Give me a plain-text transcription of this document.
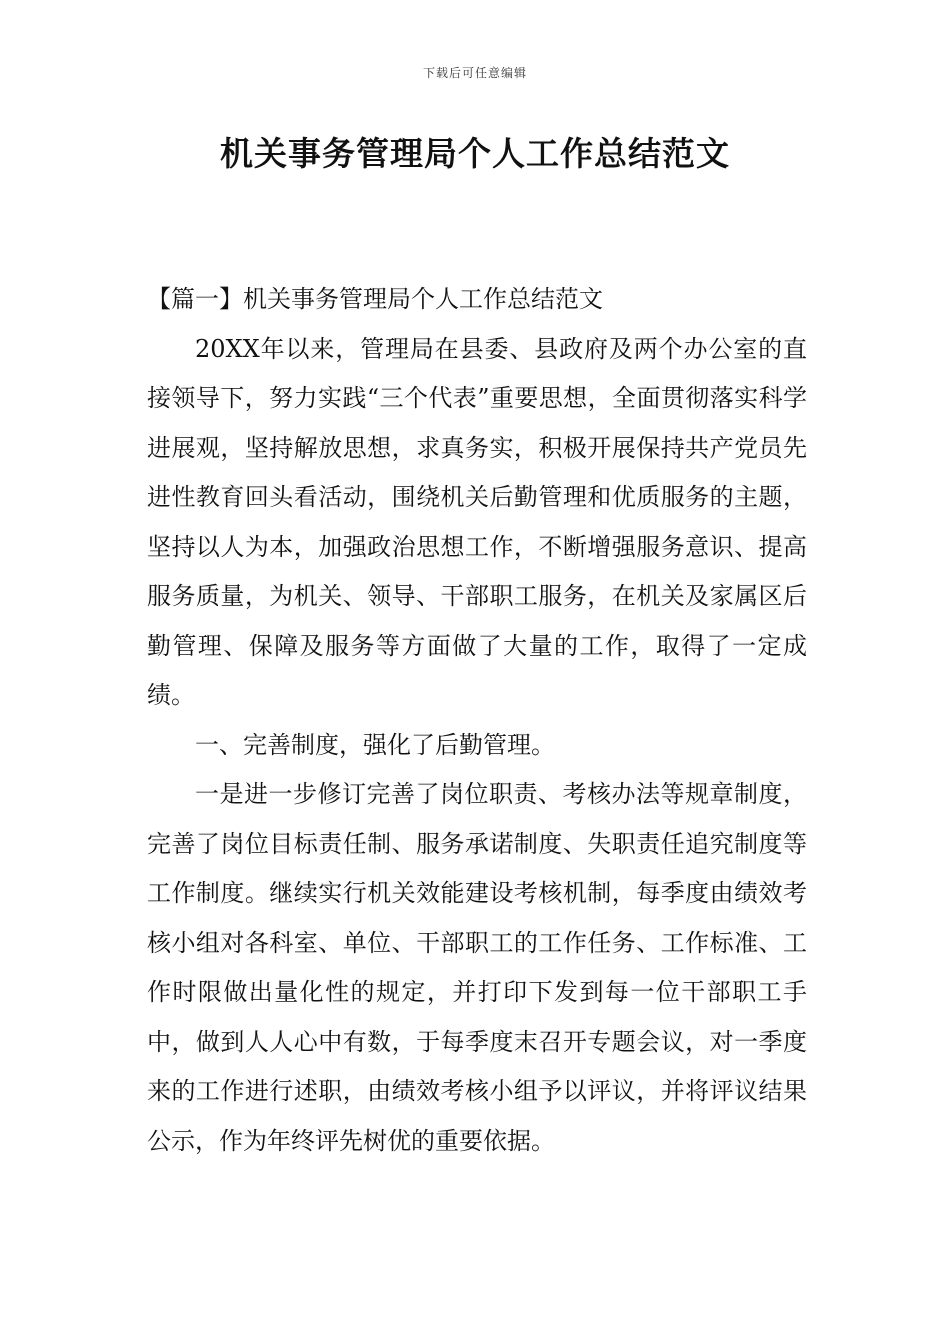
下载后可任意编辑
机关事务管理局个人工作总结范文

【篇一】机关事务管理局个人工作总结范文

20XX年以来，管理局在县委、县政府及两个办公室的直接领导下，努力实践“三个代表”重要思想，全面贯彻落实科学进展观，坚持解放思想，求真务实，积极开展保持共产党员先进性教育回头看活动，围绕机关后勤管理和优质服务的主题，坚持以人为本，加强政治思想工作，不断增强服务意识、提高服务质量，为机关、领导、干部职工服务，在机关及家属区后勤管理、保障及服务等方面做了大量的工作，取得了一定成绩。

一、完善制度，强化了后勤管理。

一是进一步修订完善了岗位职责、考核办法等规章制度，完善了岗位目标责任制、服务承诺制度、失职责任追究制度等工作制度。继续实行机关效能建设考核机制，每季度由绩效考核小组对各科室、单位、干部职工的工作任务、工作标准、工作时限做出量化性的规定，并打印下发到每一位干部职工手中，做到人人心中有数，于每季度末召开专题会议，对一季度来的工作进行述职，由绩效考核小组予以评议，并将评议结果公示，作为年终评先树优的重要依据。
